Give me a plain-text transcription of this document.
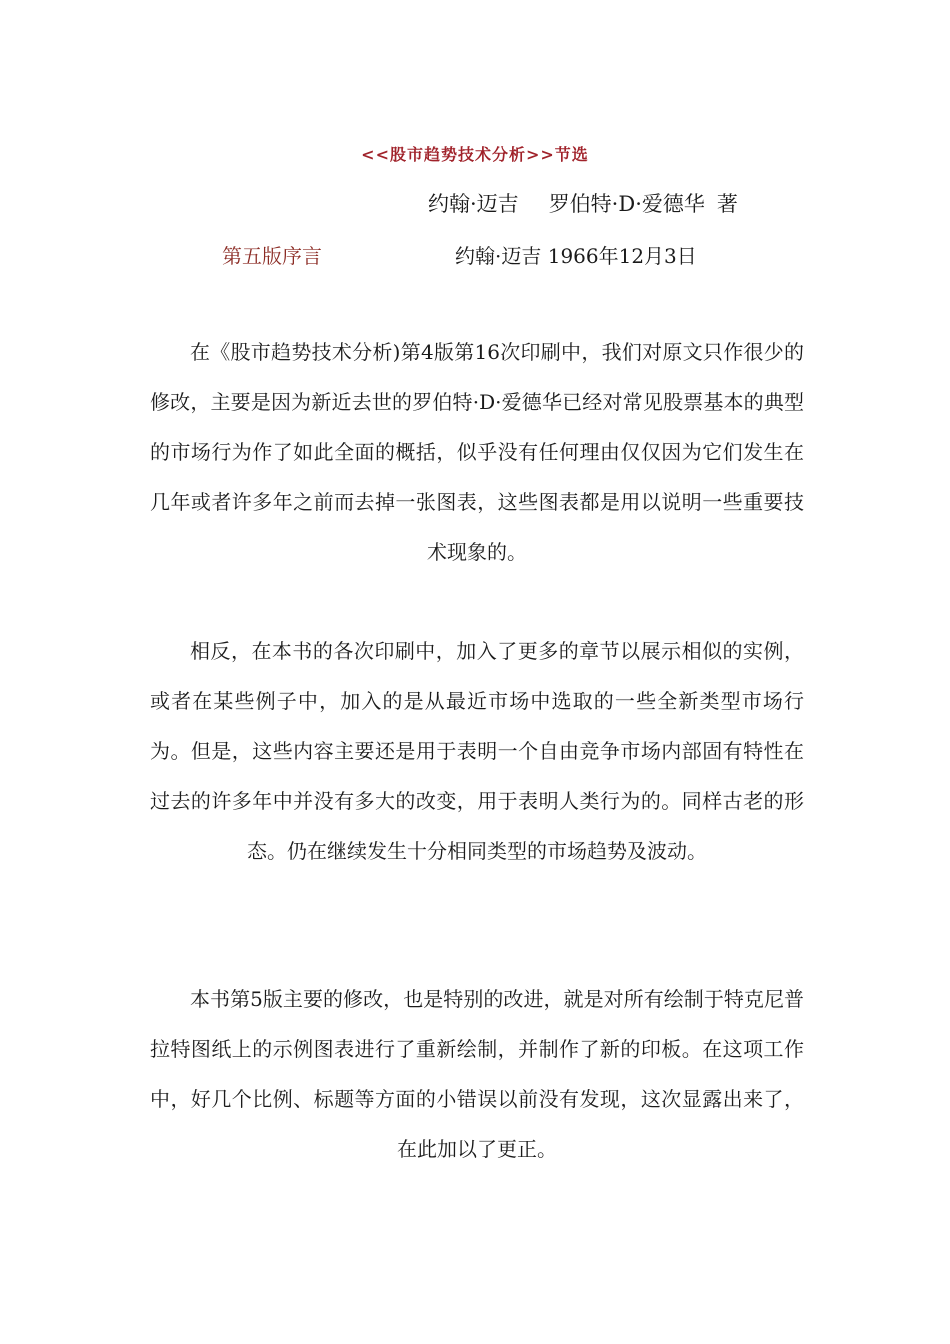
<<股市趋势技术分析>>节选
约翰·迈吉 罗伯特·D·爱德华 著
第五版序言	约翰·迈吉 1966年12月3日

在《股市趋势技术分析)第4版第16次印刷中，我们对原文只作很少的修改，主要是因为新近去世的罗伯特·D·爱德华已经对常见股票基本的典型的市场行为作了如此全面的概括，似乎没有任何理由仅仅因为它们发生在几年或者许多年之前而去掉一张图表，这些图表都是用以说明一些重要技术现象的。

相反，在本书的各次印刷中，加入了更多的章节以展示相似的实例，或者在某些例子中，加入的是从最近市场中选取的一些全新类型市场行为。但是，这些内容主要还是用于表明一个自由竞争市场内部固有特性在过去的许多年中并没有多大的改变，用于表明人类行为的。同样古老的形态。仍在继续发生十分相同类型的市场趋势及波动。

本书第5版主要的修改，也是特别的改进，就是对所有绘制于特克尼普拉特图纸上的示例图表进行了重新绘制，并制作了新的印板。在这项工作中，好几个比例、标题等方面的小错误以前没有发现，这次显露出来了，在此加以了更正。
